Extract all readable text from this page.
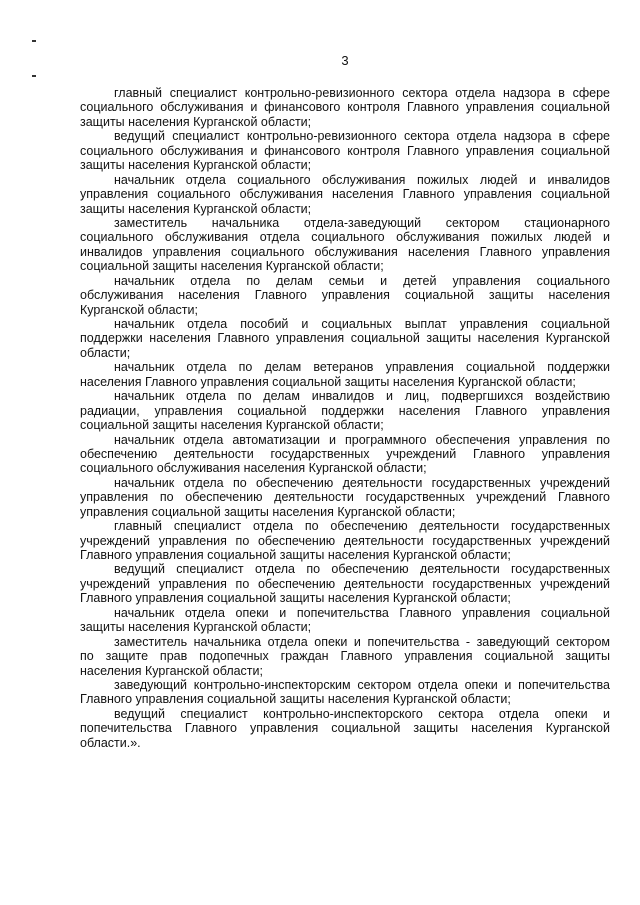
3
главный специалист контрольно-ревизионного сектора отдела надзора в сфере
социального обслуживания и финансового контроля Главного управления социальной
защиты населения Курганской области;
ведущий специалист контрольно-ревизионного сектора отдела надзора в сфере
социального обслуживания и финансового контроля Главного управления социальной
защиты населения Курганской области;
начальник отдела социального обслуживания пожилых людей и инвалидов
управления социального обслуживания населения Главного управления социальной
защиты населения Курганской области;
заместитель начальника отдела-заведующий сектором стационарного
социального обслуживания отдела социального обслуживания пожилых людей и
инвалидов управления социального обслуживания населения Главного управления
социальной защиты населения Курганской области;
начальник отдела по делам семьи и детей управления социального
обслуживания населения Главного управления социальной защиты населения
Курганской области;
начальник отдела пособий и социальных выплат управления социальной
поддержки населения Главного управления социальной защиты населения Курганской
области;
начальник отдела по делам ветеранов управления социальной поддержки
населения Главного управления социальной защиты населения Курганской области;
начальник отдела по делам инвалидов и лиц, подвергшихся воздействию
радиации, управления социальной поддержки населения Главного управления
социальной защиты населения Курганской области;
начальник отдела автоматизации и программного обеспечения управления по
обеспечению деятельности государственных учреждений Главного управления
социального обслуживания населения Курганской области;
начальник отдела по обеспечению деятельности государственных учреждений
управления по обеспечению деятельности государственных учреждений Главного
управления социальной защиты населения Курганской области;
главный специалист отдела по обеспечению деятельности государственных
учреждений управления по обеспечению деятельности государственных учреждений
Главного управления социальной защиты населения Курганской области;
ведущий специалист отдела по обеспечению деятельности государственных
учреждений управления по обеспечению деятельности государственных учреждений
Главного управления социальной защиты населения Курганской области;
начальник отдела опеки и попечительства Главного управления социальной
защиты населения Курганской области;
заместитель начальника отдела опеки и попечительства - заведующий сектором
по защите прав подопечных граждан Главного управления социальной защиты
населения Курганской области;
заведующий контрольно-инспекторским сектором отдела опеки и попечительства
Главного управления социальной защиты населения Курганской области;
ведущий специалист контрольно-инспекторского сектора отдела опеки и
попечительства Главного управления социальной защиты населения Курганской
области.».
